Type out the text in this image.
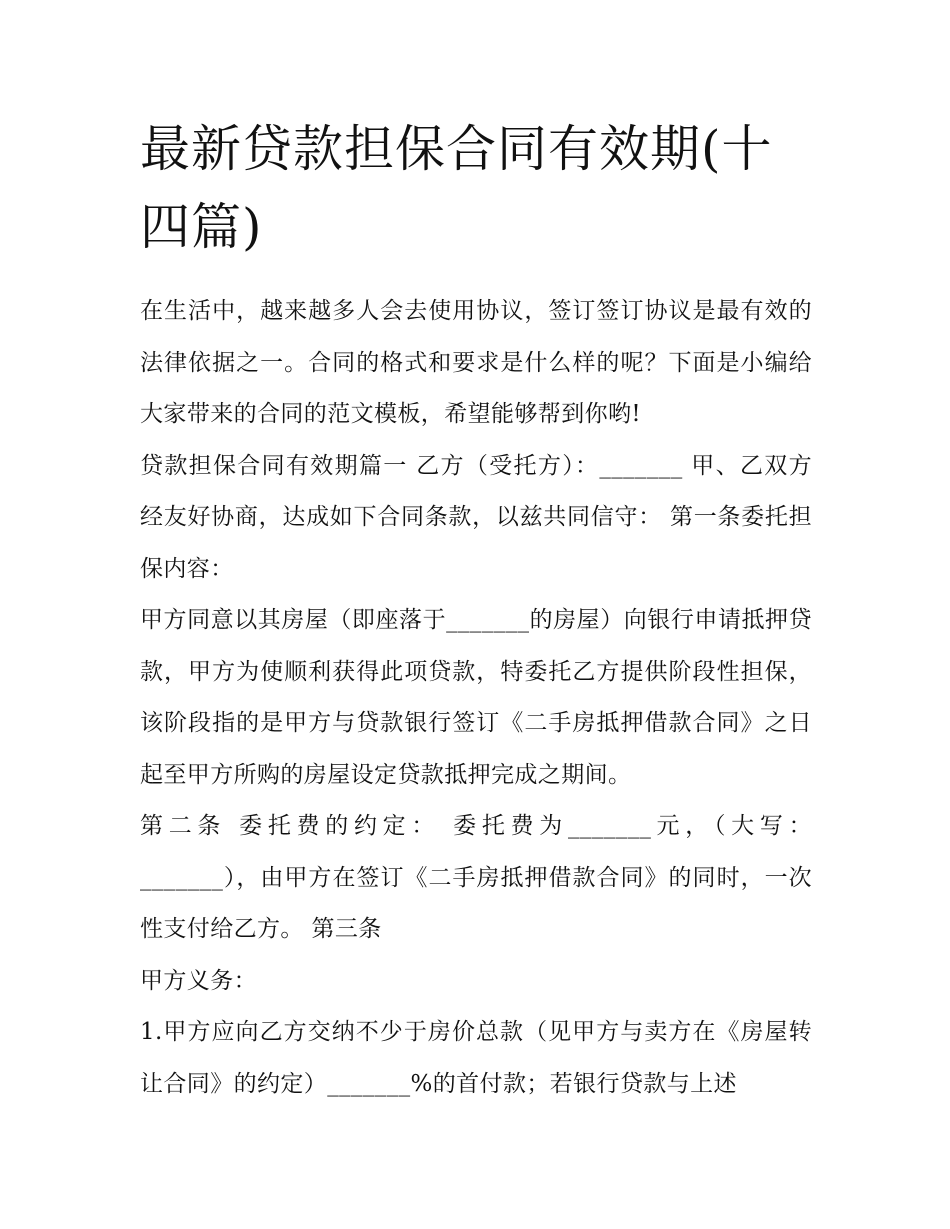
最新贷款担保合同有效期(十四篇)

在生活中，越来越多人会去使用协议，签订签订协议是最有效的法律依据之一。合同的格式和要求是什么样的呢？下面是小编给大家带来的合同的范文模板，希望能够帮到你哟!

贷款担保合同有效期篇一 乙方（受托方）：_______ 甲、乙双方经友好协商，达成如下合同条款，以兹共同信守： 第一条委托担保内容：

甲方同意以其房屋（即座落于_______的房屋）向银行申请抵押贷款，甲方为使顺利获得此项贷款，特委托乙方提供阶段性担保，该阶段指的是甲方与贷款银行签订《二手房抵押借款合同》之日起至甲方所购的房屋设定贷款抵押完成之期间。

第二条 委托费的约定： 委托费为_______元，（大写：_______），由甲方在签订《二手房抵押借款合同》的同时，一次性支付给乙方。 第三条

甲方义务：

1.甲方应向乙方交纳不少于房价总款（见甲方与卖方在《房屋转让合同》的约定）_______%的首付款；若银行贷款与上述
